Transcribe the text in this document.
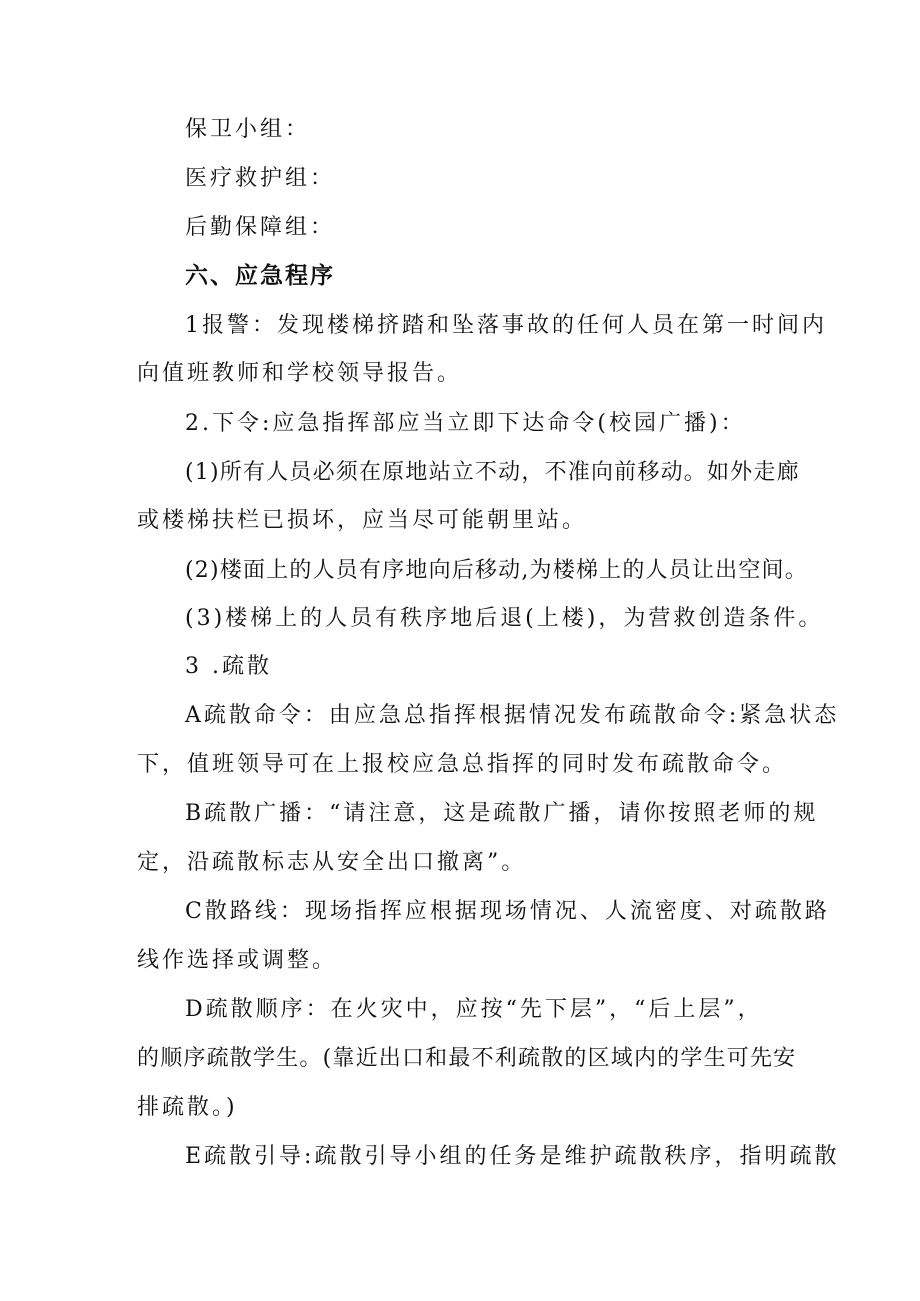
保卫小组：
医疗救护组：
后勤保障组：
六、应急程序
1报警：发现楼梯挤踏和坠落事故的任何人员在第一时间内
向值班教师和学校领导报告。
2.下令:应急指挥部应当立即下达命令(校园广播)：
(1)所有人员必须在原地站立不动，不准向前移动。如外走廊
或楼梯扶栏已损坏，应当尽可能朝里站。
(2)楼面上的人员有序地向后移动,为楼梯上的人员让出空间。
(3)楼梯上的人员有秩序地后退(上楼)，为营救创造条件。
3 .疏散
A疏散命令：由应急总指挥根据情况发布疏散命令:紧急状态
下，值班领导可在上报校应急总指挥的同时发布疏散命令。
B疏散广播：“请注意，这是疏散广播，请你按照老师的规
定，沿疏散标志从安全出口撤离”。
C散路线：现场指挥应根据现场情况、人流密度、对疏散路
线作选择或调整。
D疏散顺序：在火灾中，应按“先下层”，“后上层”，
的顺序疏散学生。(靠近出口和最不利疏散的区域内的学生可先安
排疏散。)
E疏散引导:疏散引导小组的任务是维护疏散秩序，指明疏散
